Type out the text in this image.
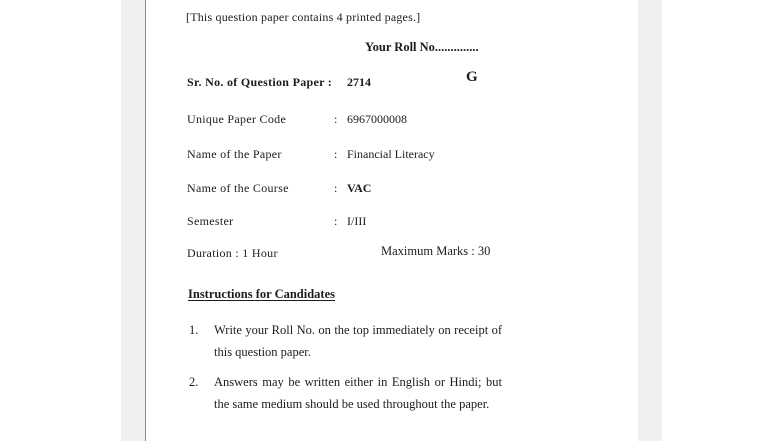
[This question paper contains 4 printed pages.]
Your Roll No..............
Sr. No. of Question Paper : 2714	G
Unique Paper Code	: 6967000008
Name of the Paper	: Financial Literacy
Name of the Course	: VAC
Semester	: I/III
Duration : 1 Hour	Maximum Marks : 30
Instructions for Candidates
1. Write your Roll No. on the top immediately on receipt of this question paper.
2. Answers may be written either in English or Hindi; but the same medium should be used throughout the paper.
